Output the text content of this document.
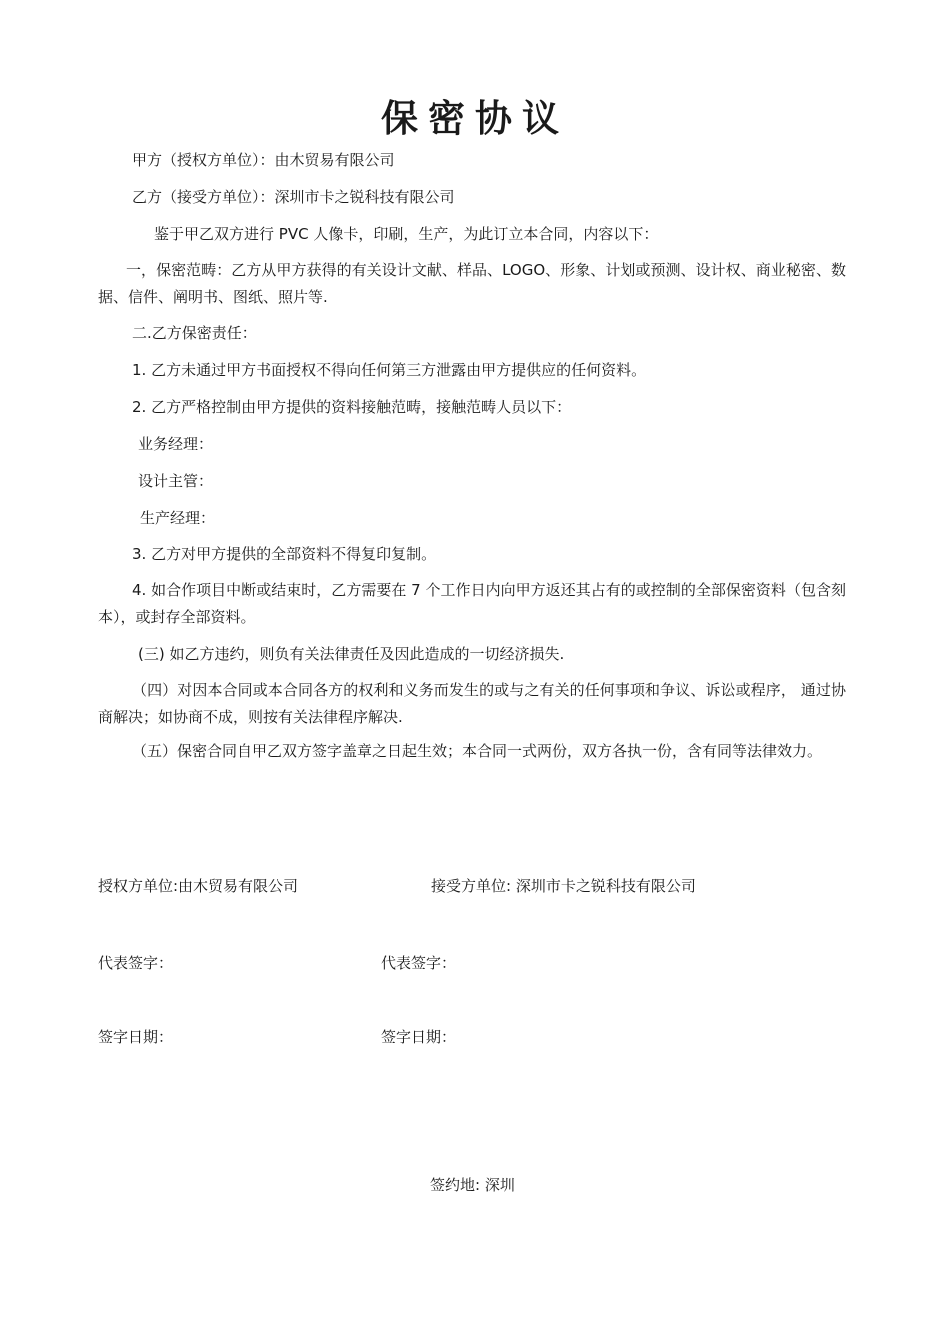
保密协议
甲方（授权方单位）：由木贸易有限公司
乙方（接受方单位）：深圳市卡之锐科技有限公司
鉴于甲乙双方进行 PVC 人像卡，印刷，生产，为此订立本合同，内容以下：
一，保密范畴：乙方从甲方获得的有关设计文献、样品、LOGO、形象、计划或预测、设计权、商业秘密、数据、信件、阐明书、图纸、照片等.
二.乙方保密责任：
1. 乙方未通过甲方书面授权不得向任何第三方泄露由甲方提供应的任何资料。
2. 乙方严格控制由甲方提供的资料接触范畴，接触范畴人员以下：
业务经理：
设计主管：
生产经理：
3. 乙方对甲方提供的全部资料不得复印复制。
4. 如合作项目中断或结束时，乙方需要在 7 个工作日内向甲方返还其占有的或控制的全部保密资料（包含刻本），或封存全部资料。
(三) 如乙方违约，则负有关法律责任及因此造成的一切经济损失.
（四）对因本合同或本合同各方的权利和义务而发生的或与之有关的任何事项和争议、诉讼或程序， 通过协商解决；如协商不成，则按有关法律程序解决.
（五）保密合同自甲乙双方签字盖章之日起生效；本合同一式两份，双方各执一份，含有同等法律效力。
授权方单位:由木贸易有限公司	接受方单位: 深圳市卡之锐科技有限公司
代表签字：	代表签字：
签字日期：	签字日期：
签约地: 深圳
